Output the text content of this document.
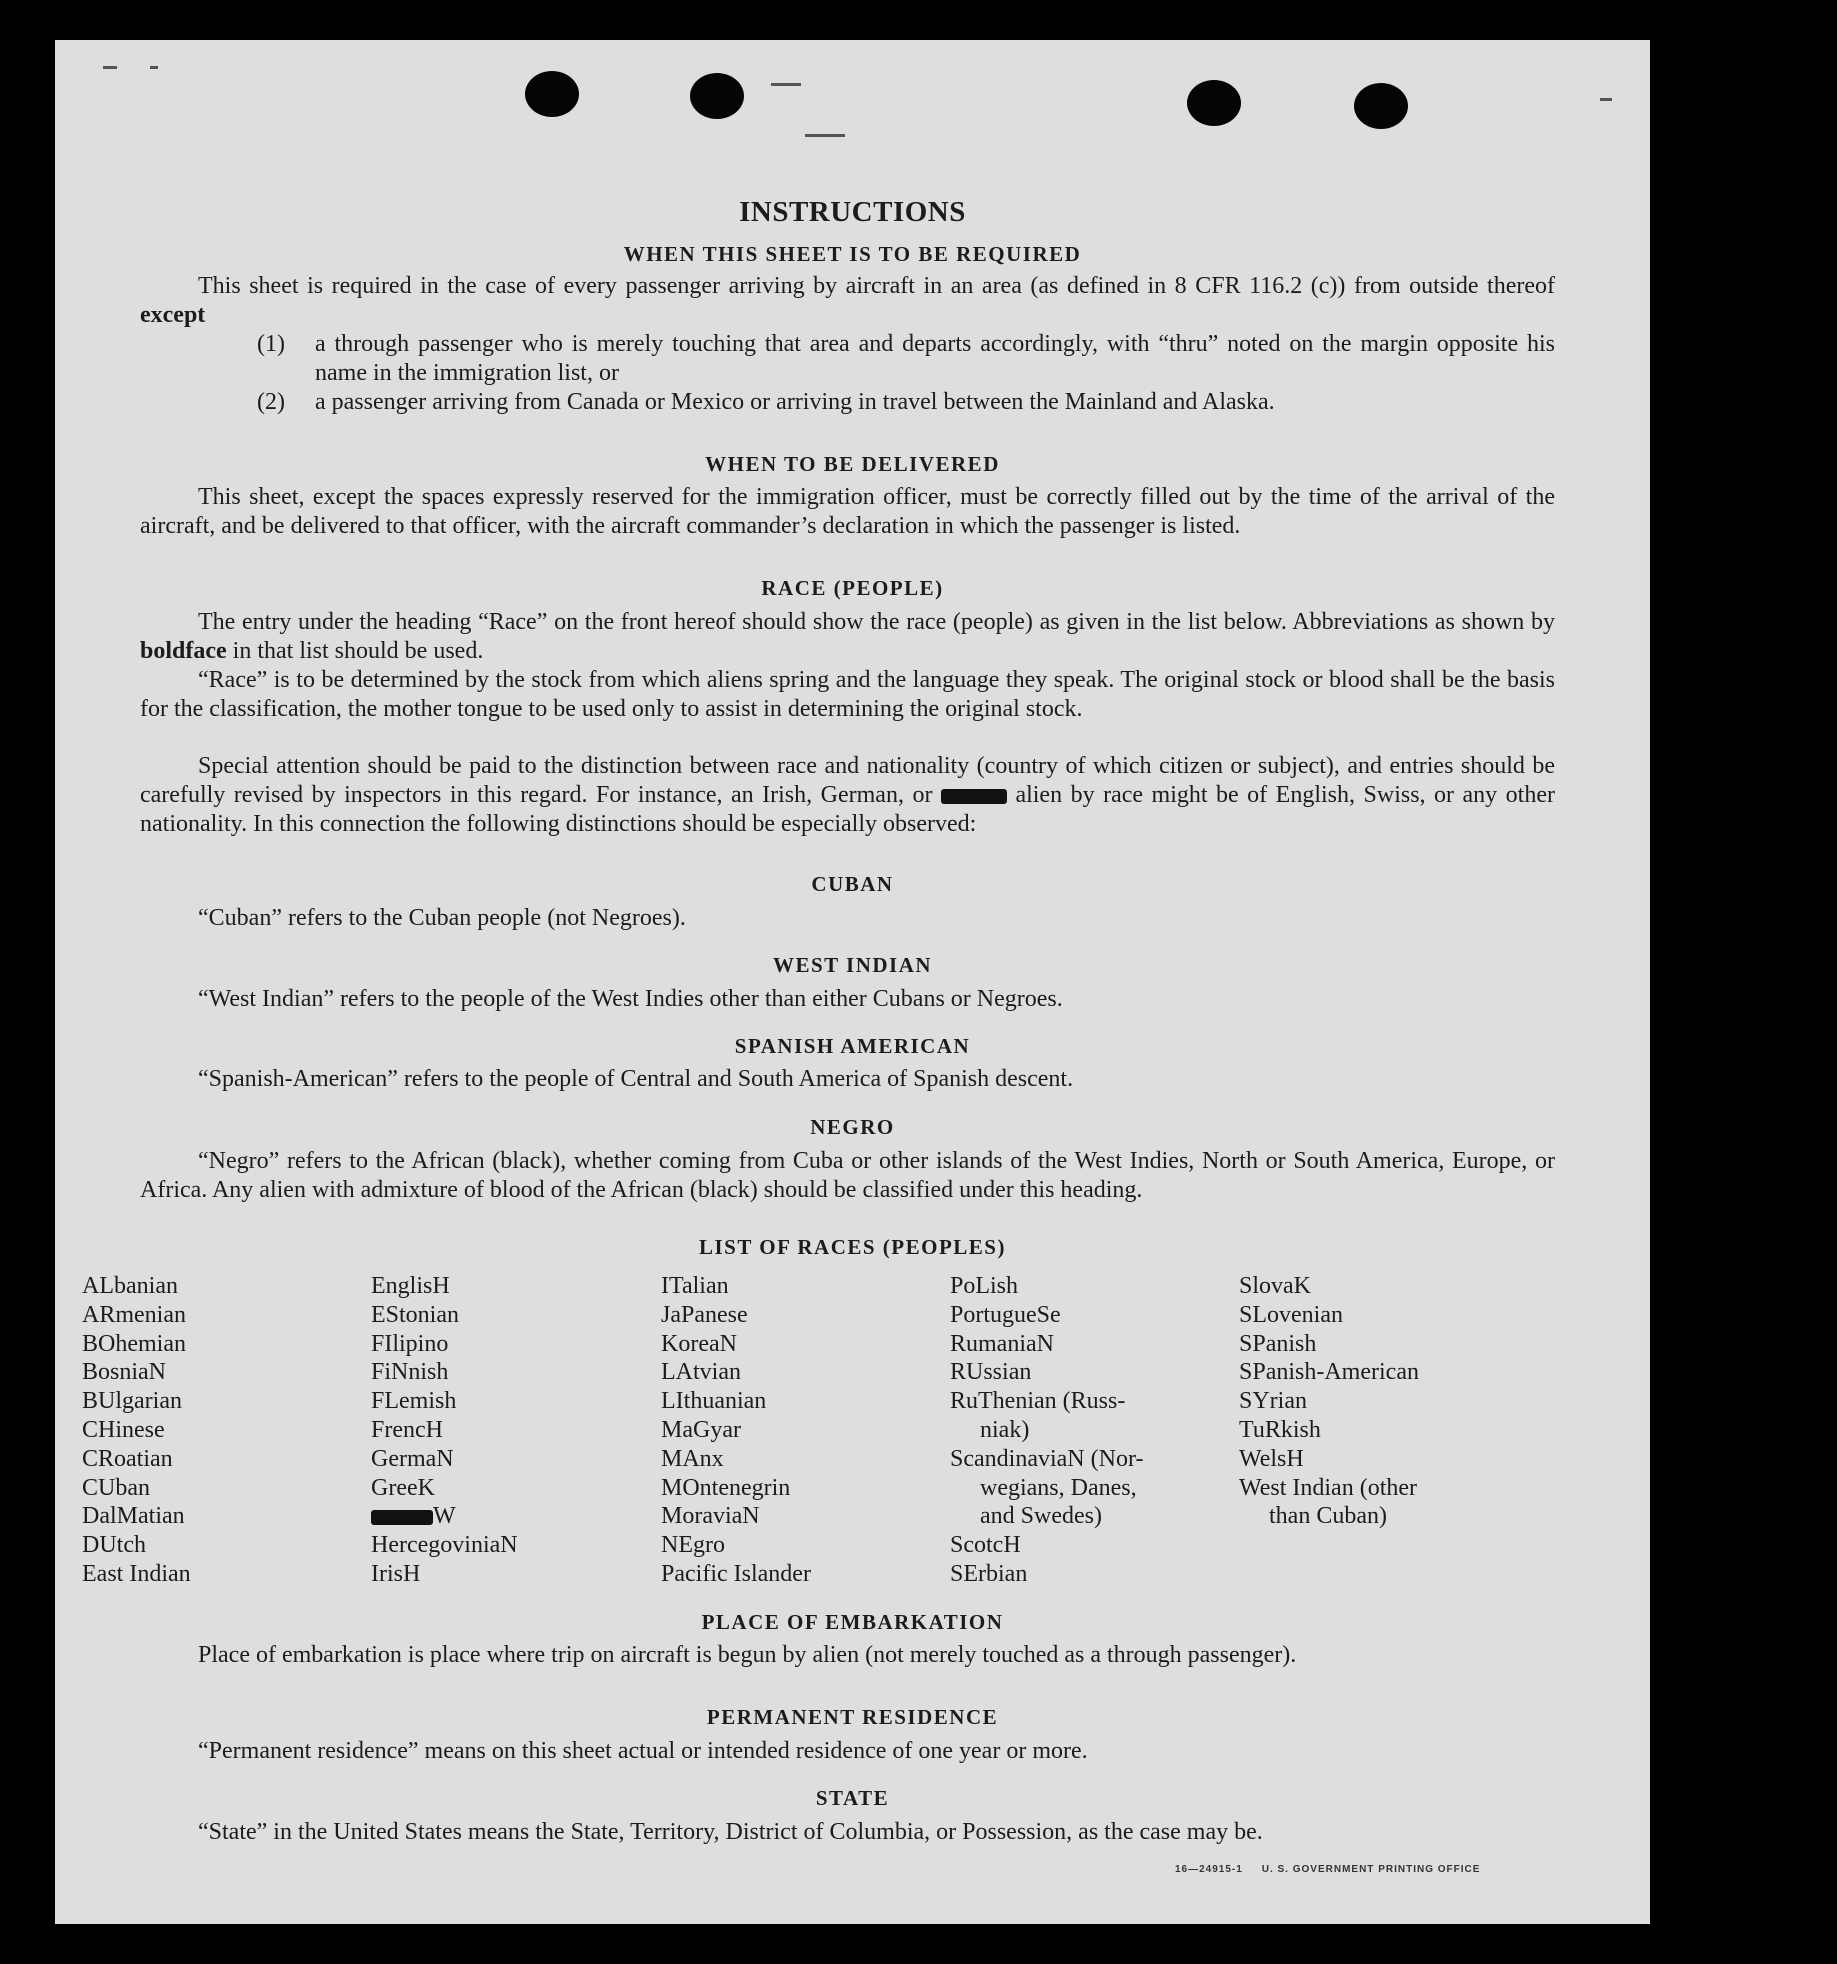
INSTRUCTIONS
WHEN THIS SHEET IS TO BE REQUIRED

This sheet is required in the case of every passenger arriving by aircraft in an area (as defined in 8 CFR 116.2 (c)) from outside thereof except

(1)	a through passenger who is merely touching that area and departs accordingly, with “thru” noted on the margin opposite his name in the immigration list, or
(2)	a passenger arriving from Canada or Mexico or arriving in travel between the Mainland and Alaska.
WHEN TO BE DELIVERED

This sheet, except the spaces expressly reserved for the immigration officer, must be correctly filled out by the time of the arrival of the aircraft, and be delivered to that officer, with the aircraft commander’s declaration in which the passenger is listed.

RACE (PEOPLE)

The entry under the heading “Race” on the front hereof should show the race (people) as given in the list below. Abbreviations as shown by boldface in that list should be used.

“Race” is to be determined by the stock from which aliens spring and the language they speak. The original stock or blood shall be the basis for the classification, the mother tongue to be used only to assist in determining the original stock.

Special attention should be paid to the distinction between race and nationality (country of which citizen or subject), and entries should be carefully revised by inspectors in this regard. For instance, an Irish, German, or	alien by race might be of English, Swiss, or any other nationality. In this connection the following distinctions should be especially observed:

CUBAN

“Cuban” refers to the Cuban people (not Negroes).

WEST INDIAN

“West Indian” refers to the people of the West Indies other than either Cubans or Negroes.

SPANISH AMERICAN

“Spanish-American” refers to the people of Central and South America of Spanish descent.

NEGRO

“Negro” refers to the African (black), whether coming from Cuba or other islands of the West Indies, North or South America, Europe, or Africa. Any alien with admixture of blood of the African (black) should be classified under this heading.

LIST OF RACES (PEOPLES)
ALbanian
ARmenian
BOhemian
BosniaN
BUlgarian
CHinese
CRoatian
CUban
DalMatian
DUtch
East Indian
EnglisH
EStonian
FIlipino
FiNnish
FLemish
FrencH
GermaN
GreeK
W
HercegoviniaN
IrisH
ITalian
JaPanese
KoreaN
LAtvian
LIthuanian
MaGyar
MAnx
MOntenegrin
MoraviaN
NEgro
Pacific Islander
PoLish
PortugueSe
RumaniaN
RUssian
RuThenian (Russ-
niak)
ScandinaviaN (Nor-
wegians, Danes,
and Swedes)
ScotcH
SErbian
SlovaK
SLovenian
SPanish
SPanish-American
SYrian
TuRkish
WelsH
West Indian (other
than Cuban)
PLACE OF EMBARKATION

Place of embarkation is place where trip on aircraft is begun by alien (not merely touched as a through passenger).

PERMANENT RESIDENCE

“Permanent residence” means on this sheet actual or intended residence of one year or more.

STATE

“State” in the United States means the State, Territory, District of Columbia, or Possession, as the case may be.

16—24915-1 U. S. GOVERNMENT PRINTING OFFICE
